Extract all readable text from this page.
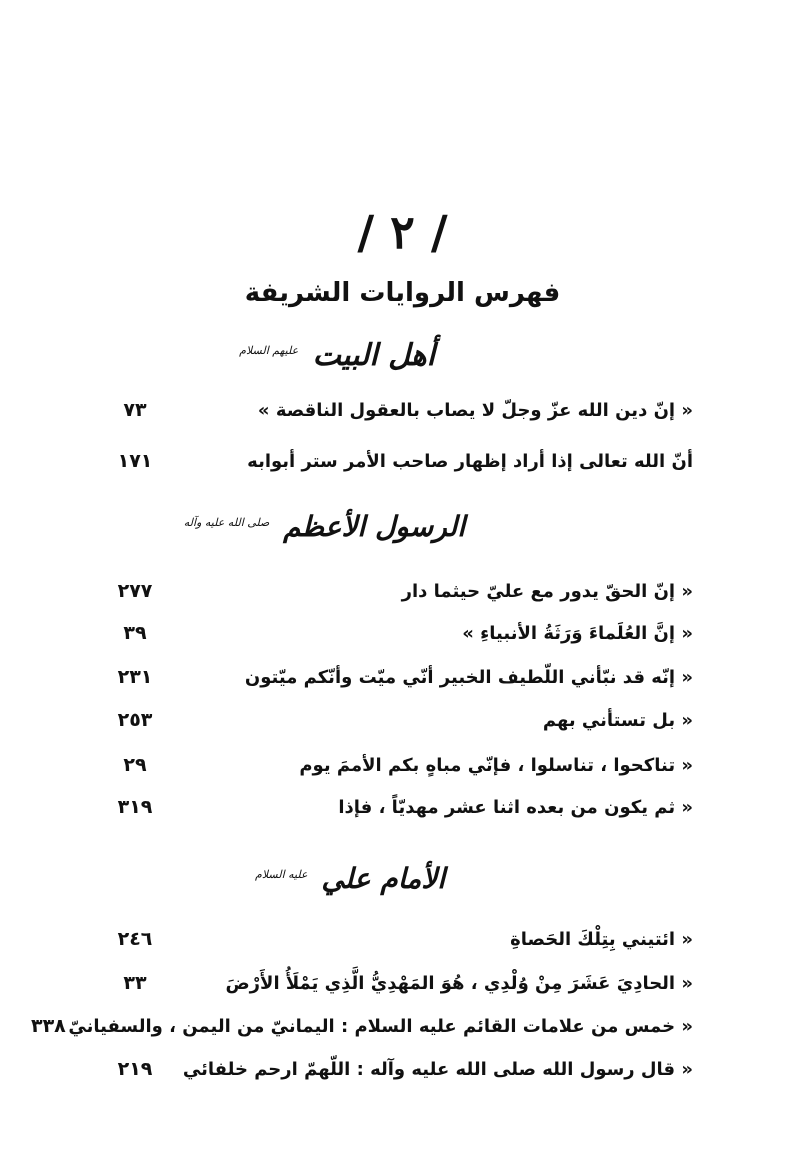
/ ٢ /
فهرس الروايات الشريفة
أهل البيت $^{عليهم السلام}$
« إنّ دين الله عزّ وجلّ لا يصاب بالعقول الناقصة »
٧٣
أنّ الله تعالى إذا أراد إظهار صاحب الأمر ستر أبوابه
١٧١
الرسول الأعظم $^{صلى الله عليه وآله}$
« إنّ الحقّ يدور مع عليّ حيثما دار
٢٧٧
« إنَّ العُلَماءَ وَرَثَةُ الأنبياءِ »
٣٩
« إنّه قد نبّأني اللّطيف الخبير أنّي ميّت وأنّكم ميّتون
٢٣١
« بل تستأني بهم
٢٥٣
« تناكحوا ، تناسلوا ، فإنّي مباهٍ بكم الأممَ يوم
٢٩
« ثم يكون من بعده اثنا عشر مهديّاً ، فإذا
٣١٩
الأمام علي $^{عليه السلام}$
« ائتيني بِتِلْكَ الحَصاةِ
٢٤٦
« الحادِيَ عَشَرَ مِنْ وُلْدِي ، هُوَ المَهْدِيُّ الَّذِي يَمْلَأُ الأَرْضَ
٣٣
« خمس من علامات القائم عليه السلام : اليمانيّ من اليمن ، والسفيانيّ
٣٣٨
« قال رسول الله صلى الله عليه وآله : اللّهمّ ارحم خلفائي
٢١٩
